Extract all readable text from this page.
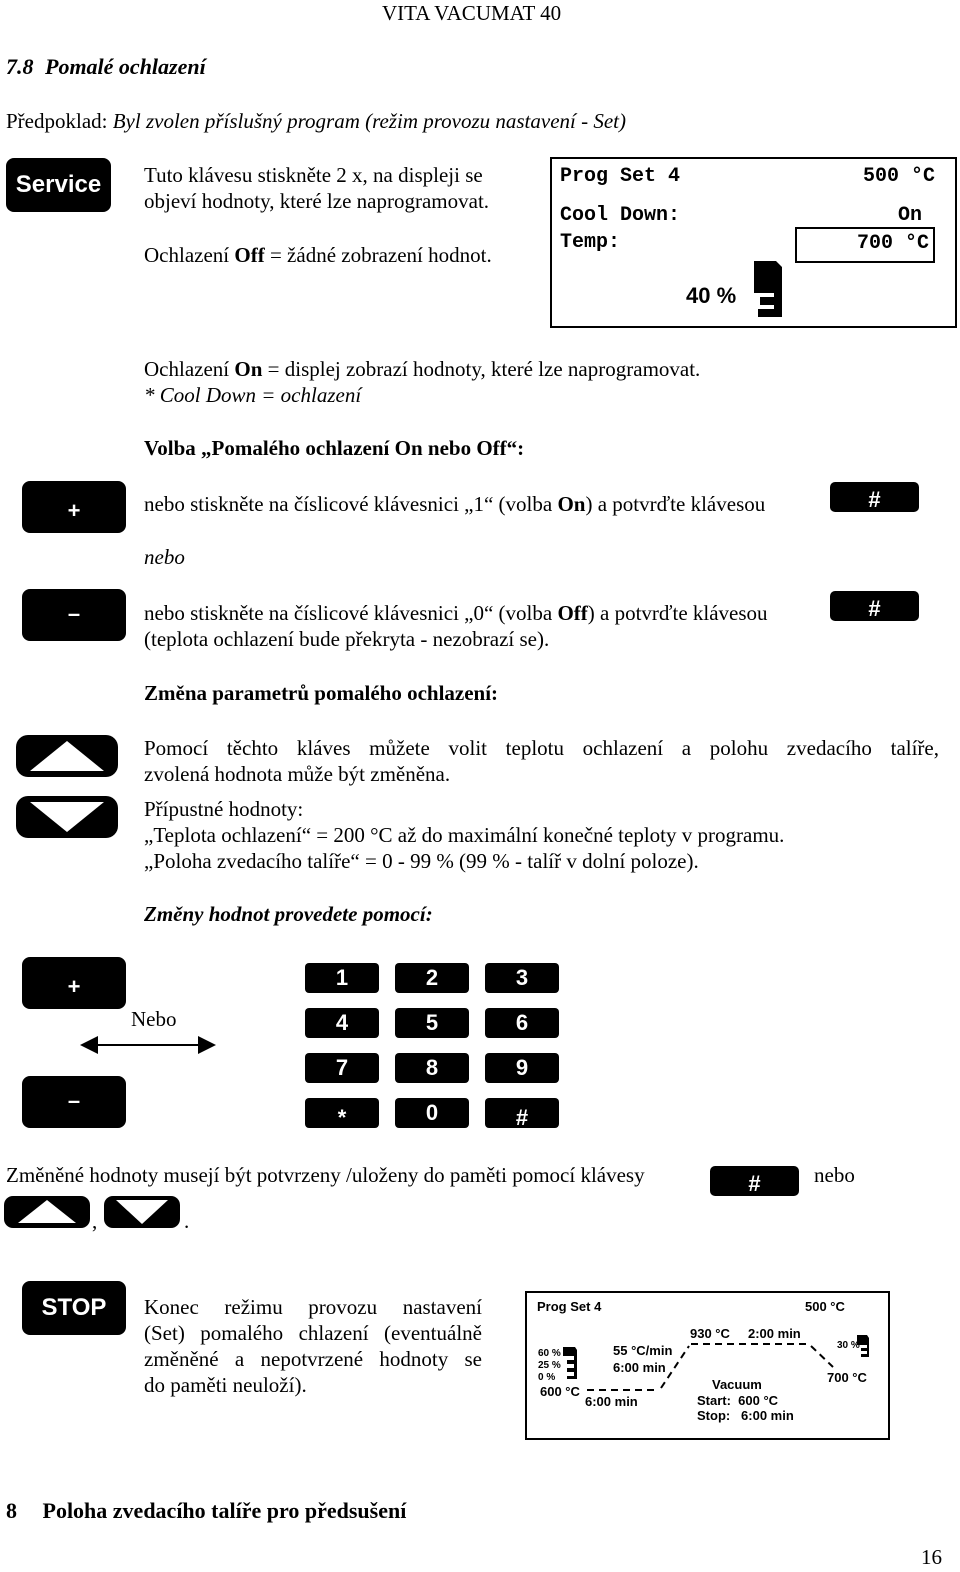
VITA VACUMAT 40
7.8 Pomalé ochlazení
Předpoklad: Byl zvolen příslušný program (režim provozu nastavení - Set)
Service	Tuto klávesu stiskněte 2 x, na displeji se
objeví hodnoty, které lze naprogramovat.
Ochlazení Off = žádné zobrazení hodnot.
Prog Set 4	500 °C
Cool Down:	On
Temp:	700 °C
40 %
Ochlazení On = displej zobrazí hodnoty, které lze naprogramovat.
* Cool Down = ochlazení
Volba „Pomalého ochlazení On nebo Off“:
+	nebo stiskněte na číslicové klávesnici „1“ (volba On) a potvrďte klávesou	#
nebo
–	nebo stiskněte na číslicové klávesnici „0“ (volba Off) a potvrďte klávesou
(teplota ochlazení bude překryta - nezobrazí se).
#
Změna parametrů pomalého ochlazení:
Pomocí těchto kláves můžete volit teplotu ochlazení a polohu zvedacího talíře,
zvolená hodnota může být změněna.
Přípustné hodnoty:
„Teplota ochlazení“ = 200 °C až do maximální konečné teploty v programu.
„Poloha zvedacího talíře“ = 0 - 99 % (99 % - talíř v dolní poloze).
Změny hodnot provedete pomocí:
+
–
Nebo
1	2	3
4	5	6
7	8	9
*	0	#
Změněné hodnoty musejí být potvrzeny /uloženy do paměti pomocí klávesy	#	nebo
,	.
STOP	Konec režimu provozu nastavení
(Set) pomalého chlazení (eventuálně
změněné a nepotvrzené hodnoty se
do paměti neuloží).
Prog Set 4	500 °C
60 %
25 %
0 %
600 °C
6:00 min
55 °C/min
6:00 min
930 °C 2:00 min
30 %
700 °C
Vacuum
Start:  600 °C
Stop:   6:00 min
8 Poloha zvedacího talíře pro předsušení
16
